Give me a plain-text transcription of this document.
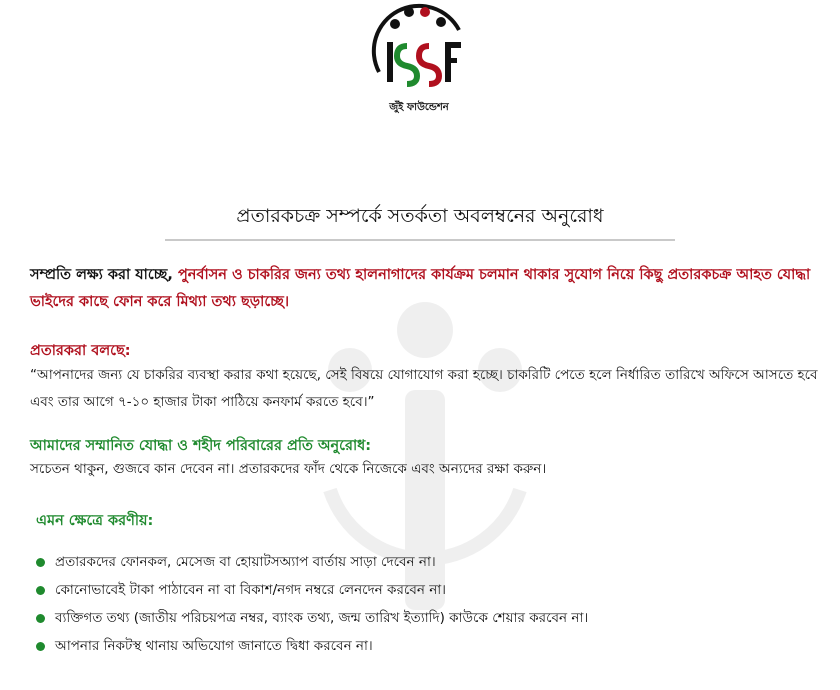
জুঁই ফাউন্ডেশন
প্রতারকচক্র সম্পর্কে সতর্কতা অবলম্বনের অনুরোধ
সম্প্রতি লক্ষ্য করা যাচ্ছে, পুনর্বাসন ও চাকরির জন্য তথ্য হালনাগাদের কার্যক্রম চলমান থাকার সুযোগ নিয়ে কিছু প্রতারকচক্র আহত যোদ্ধা ভাইদের কাছে ফোন করে মিথ্যা তথ্য ছড়াচ্ছে।
প্রতারকরা বলছে:
“আপনাদের জন্য যে চাকরির ব্যবস্থা করার কথা হয়েছে, সেই বিষয়ে যোগাযোগ করা হচ্ছে। চাকরিটি পেতে হলে নির্ধারিত তারিখে অফিসে আসতে হবে এবং তার আগে ৭-১০ হাজার টাকা পাঠিয়ে কনফার্ম করতে হবে।”
আমাদের সম্মানিত যোদ্ধা ও শহীদ পরিবারের প্রতি অনুরোধ:
সচেতন থাকুন, গুজবে কান দেবেন না। প্রতারকদের ফাঁদ থেকে নিজেকে এবং অন্যদের রক্ষা করুন।
এমন ক্ষেত্রে করণীয়:
প্রতারকদের ফোনকল, মেসেজ বা হোয়াটসঅ্যাপ বার্তায় সাড়া দেবেন না।
কোনোভাবেই টাকা পাঠাবেন না বা বিকাশ/নগদ নম্বরে লেনদেন করবেন না।
ব্যক্তিগত তথ্য (জাতীয় পরিচয়পত্র নম্বর, ব্যাংক তথ্য, জন্ম তারিখ ইত্যাদি) কাউকে শেয়ার করবেন না।
আপনার নিকটস্থ থানায় অভিযোগ জানাতে দ্বিধা করবেন না।
